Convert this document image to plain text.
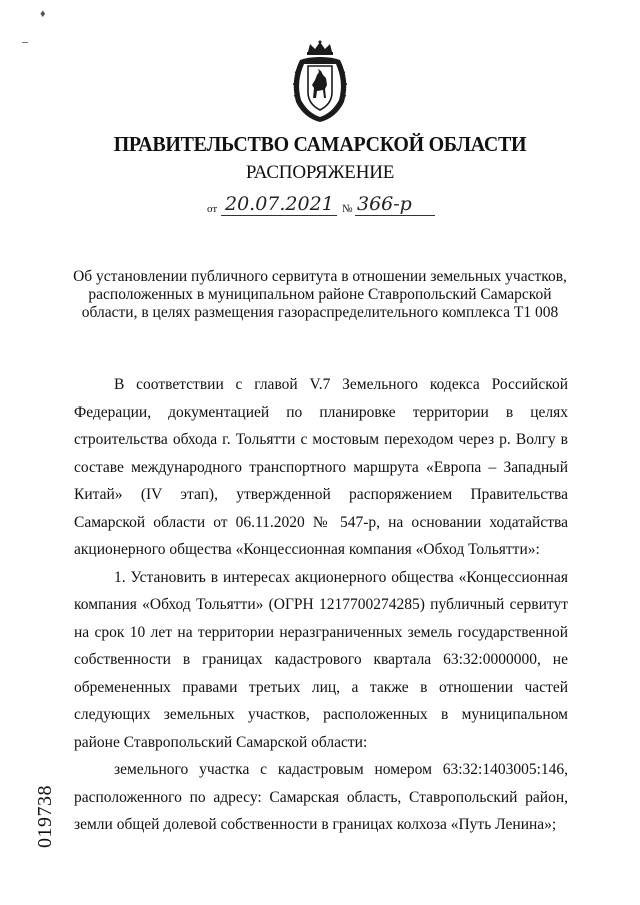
♦
ПРАВИТЕЛЬСТВО САМАРСКОЙ ОБЛАСТИ
РАСПОРЯЖЕНИЕ
от 20.07.2021 № 366-р
Об установлении публичного сервитута в отношении земельных участков, расположенных в муниципальном районе Ставропольский Самарской области, в целях размещения газораспределительного комплекса Т1 008

В соответствии с главой V.7 Земельного кодекса Российской Федерации, документацией по планировке территории в целях строительства обхода г. Тольятти с мостовым переходом через р. Волгу в составе международного транспортного маршрута «Европа – Западный Китай» (IV этап), утвержденной распоряжением Правительства Самарской области от 06.11.2020 № 547-р, на основании ходатайства акционерного общества «Концессионная компания «Обход Тольятти»:

1. Установить в интересах акционерного общества «Концессионная компания «Обход Тольятти» (ОГРН 1217700274285) публичный сервитут на срок 10 лет на территории неразграниченных земель государственной собственности в границах кадастрового квартала 63:32:0000000, не обремененных правами третьих лиц, а также в отношении частей следующих земельных участков, расположенных в муниципальном районе Ставропольский Самарской области:

земельного участка с кадастровым номером 63:32:1403005:146, расположенного по адресу: Самарская область, Ставропольский район, земли общей долевой собственности в границах колхоза «Путь Ленина»;

019738
